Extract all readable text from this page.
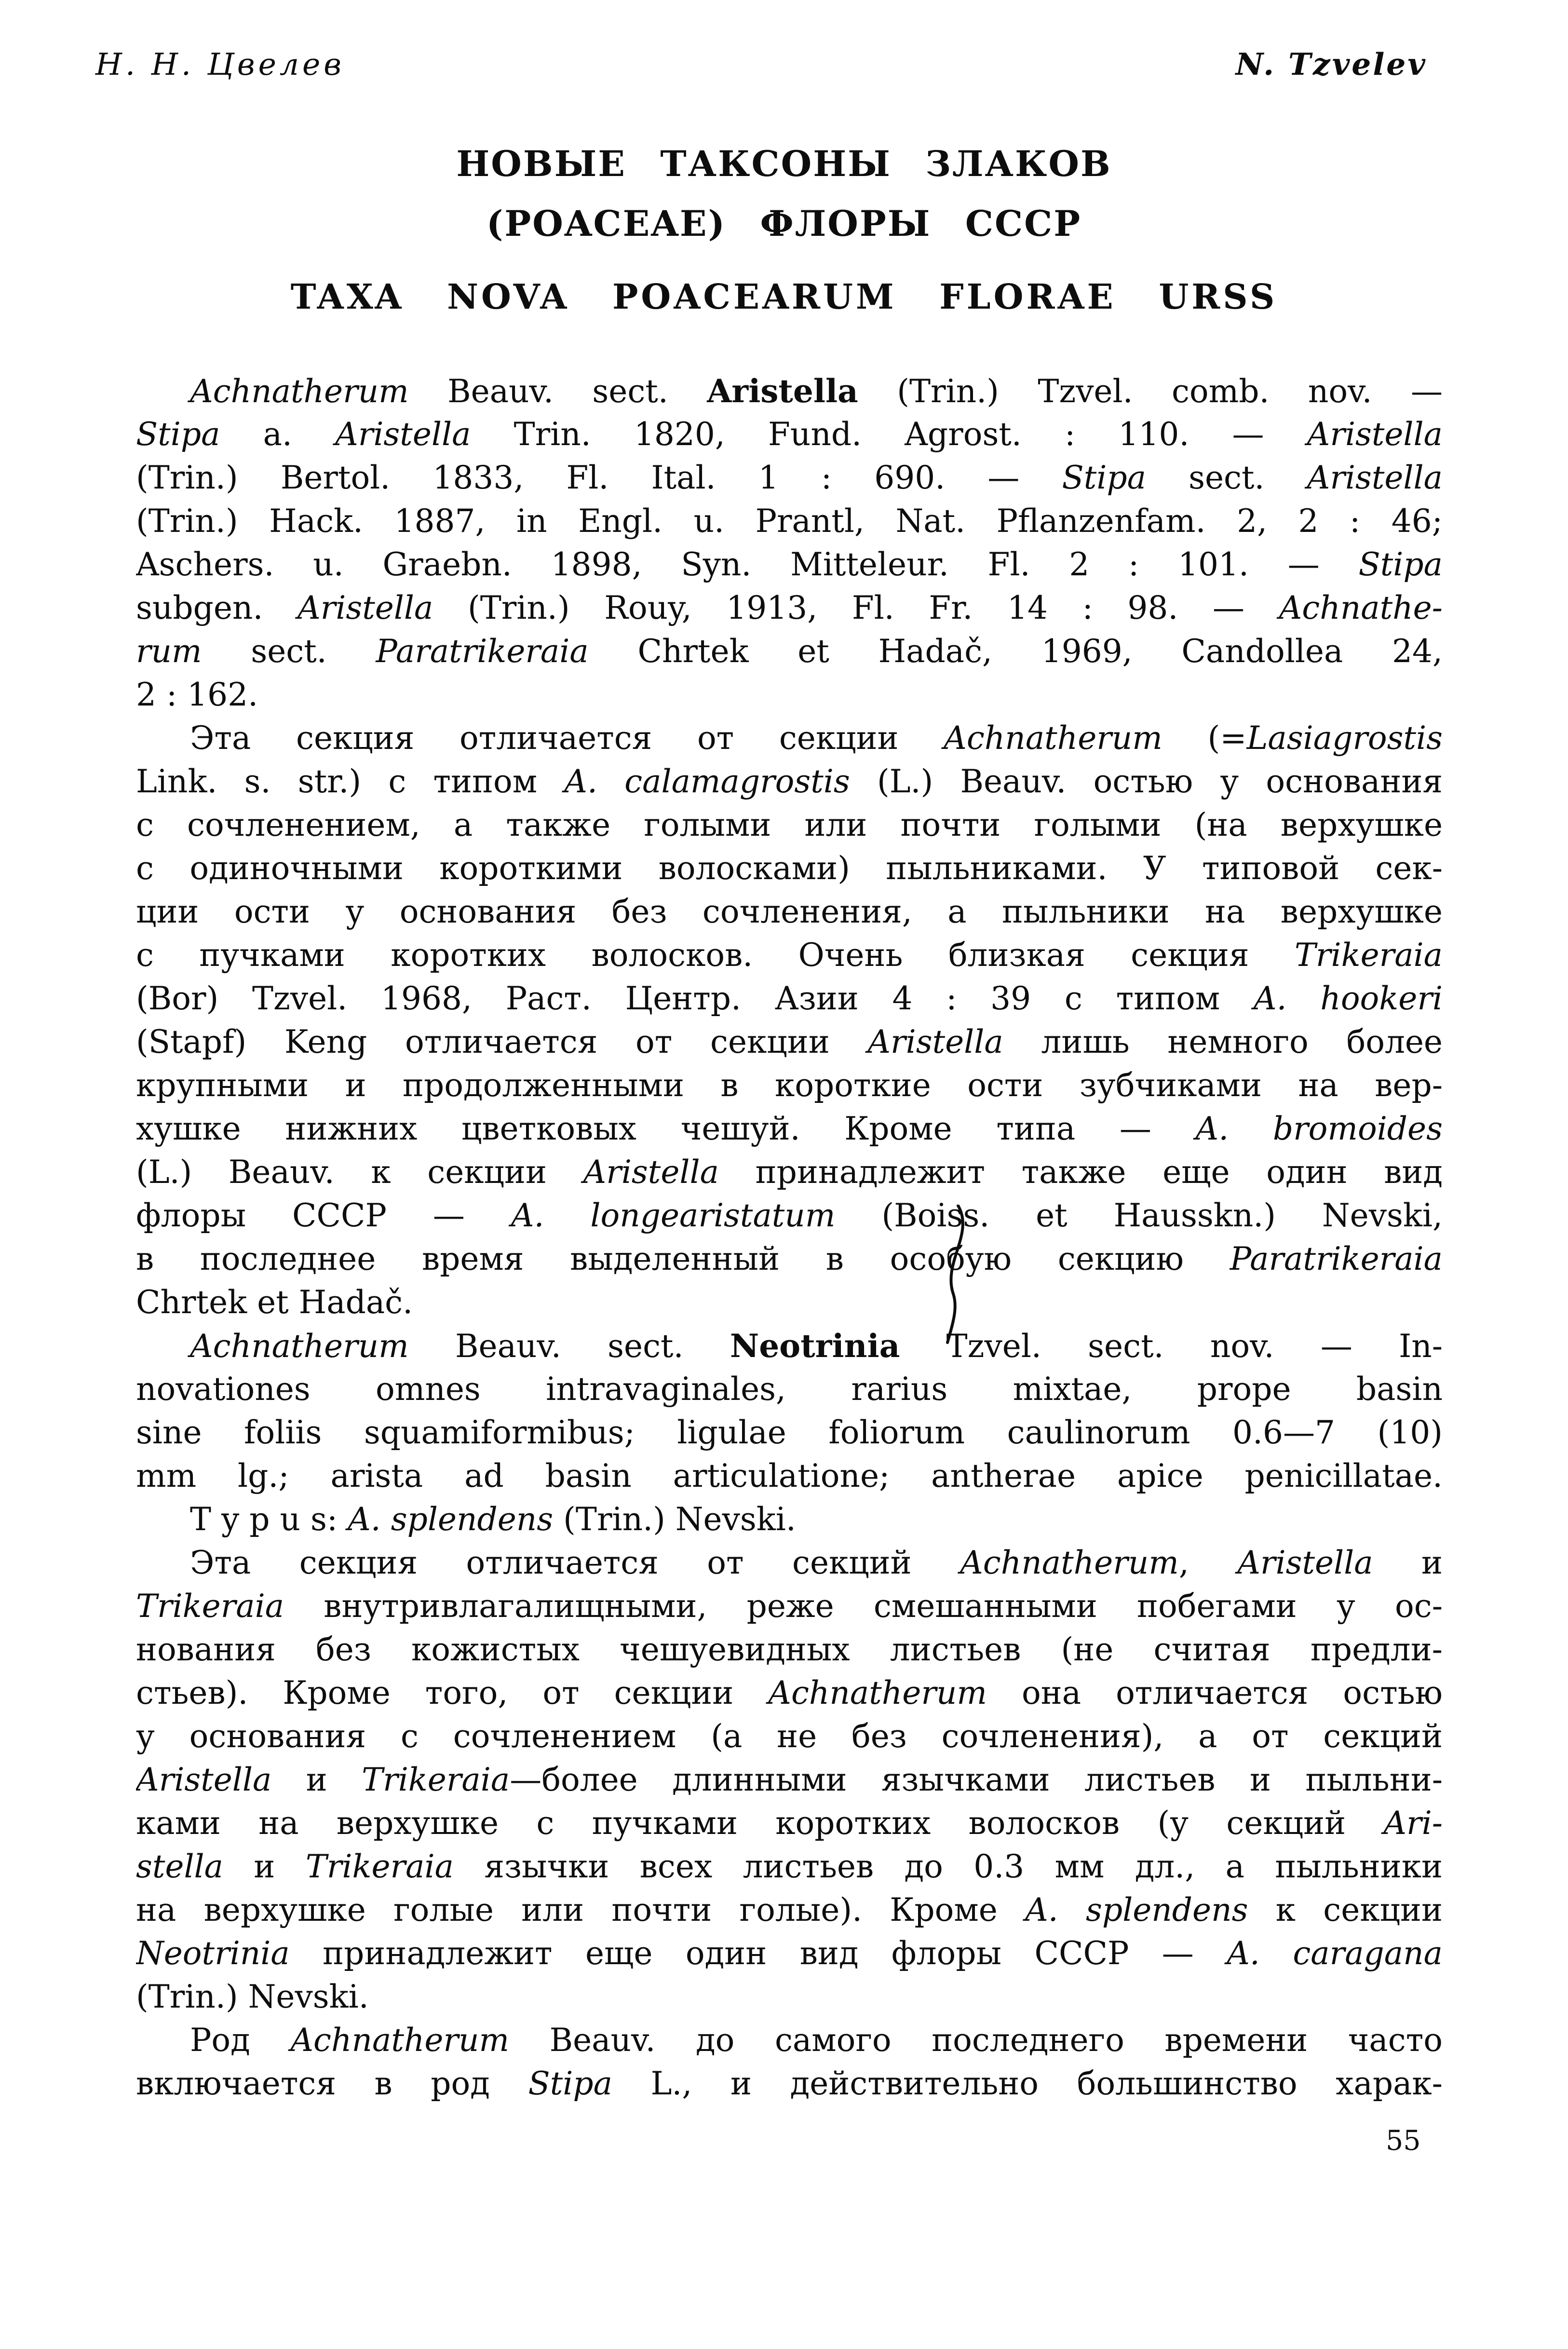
Н. Н. Цвелев	N. Tzvelev
НОВЫЕ ТАКСОНЫ ЗЛАКОВ
(POACEAE) ФЛОРЫ СССР
TAXA NOVA POACEARUM FLORAE URSS
Achnatherum Beauv. sect. Aristella (Trin.) Tzvel. comb. nov. —
Stipa a. Aristella Trin. 1820, Fund. Agrost. : 110. — Aristella
(Trin.) Bertol. 1833, Fl. Ital. 1 : 690. — Stipa sect. Aristella
(Trin.) Hack. 1887, in Engl. u. Prantl, Nat. Pflanzenfam. 2, 2 : 46;
Aschers. u. Graebn. 1898, Syn. Mitteleur. Fl. 2 : 101. — Stipa
subgen. Aristella (Trin.) Rouy, 1913, Fl. Fr. 14 : 98. — Achnathe-
rum sect. Paratrikeraia Chrtek et Hadač, 1969, Candollea 24,
2 : 162.
Эта секция отличается от секции Achnatherum (=Lasiagrostis
Link. s. str.) с типом A. calamagrostis (L.) Beauv. остью у основания
с сочленением, а также голыми или почти голыми (на верхушке
с одиночными короткими волосками) пыльниками. У типовой сек-
ции ости у основания без сочленения, а пыльники на верхушке
с пучками коротких волосков. Очень близкая секция Trikeraia
(Bor) Tzvel. 1968, Раст. Центр. Азии 4 : 39 с типом A. hookeri
(Stapf) Keng отличается от секции Aristella лишь немного более
крупными и продолженными в короткие ости зубчиками на вер-
хушке нижних цветковых чешуй. Кроме типа — A. bromoides
(L.) Beauv. к секции Aristella принадлежит также еще один вид
флоры СССР — A. longearistatum (Boiss. et Hausskn.) Nevski,
в последнее время выделенный в особую секцию Paratrikeraia
Chrtek et Hadač.
Achnatherum Beauv. sect. Neotrinia Tzvel. sect. nov. — In-
novationes omnes intravaginales, rarius mixtae, prope basin
sine foliis squamiformibus; ligulae foliorum caulinorum 0.6—7 (10)
mm lg.; arista ad basin articulatione; antherae apice penicillatae.
T y p u s: A. splendens (Trin.) Nevski.
Эта секция отличается от секций Achnatherum, Aristella и
Trikeraia внутривлагалищными, реже смешанными побегами у ос-
нования без кожистых чешуевидных листьев (не считая предли-
стьев). Кроме того, от секции Achnatherum она отличается остью
у основания с сочленением (а не без сочленения), а от секций
Aristella и Trikeraia—более длинными язычками листьев и пыльни-
ками на верхушке с пучками коротких волосков (у секций Ari-
stella и Trikeraia язычки всех листьев до 0.3 мм дл., а пыльники
на верхушке голые или почти голые). Кроме A. splendens к секции
Neotrinia принадлежит еще один вид флоры СССР — A. caragana
(Trin.) Nevski.
Род Achnatherum Beauv. до самого последнего времени часто
включается в род Stipa L., и действительно большинство харак-
55
